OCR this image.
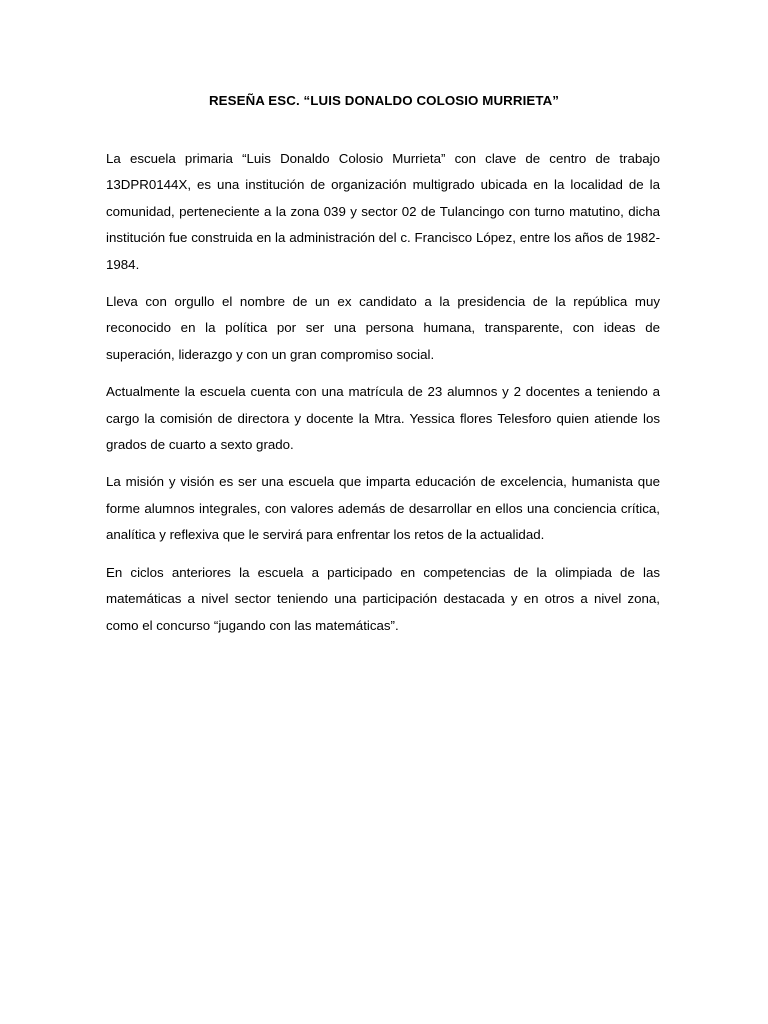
RESEÑA ESC. “LUIS DONALDO COLOSIO MURRIETA”

La escuela primaria “Luis Donaldo Colosio Murrieta” con clave de centro de trabajo 13DPR0144X, es una institución de organización multigrado ubicada en la localidad de la comunidad, perteneciente a la zona 039 y sector 02 de Tulancingo con turno matutino, dicha institución fue construida en la administración del c. Francisco López, entre los años de 1982-1984.

Lleva con orgullo el nombre de un ex candidato a la presidencia de la república muy reconocido en la política por ser una persona humana, transparente, con ideas de superación, liderazgo y con un gran compromiso social.

Actualmente la escuela cuenta con una matrícula de 23 alumnos y 2 docentes a teniendo a cargo la comisión de directora y docente la Mtra. Yessica flores Telesforo quien atiende los grados de cuarto a sexto grado.

La misión y visión es ser una escuela que imparta educación de excelencia, humanista que forme alumnos integrales, con valores además de desarrollar en ellos una conciencia crítica, analítica y reflexiva que le servirá para enfrentar los retos de la actualidad.

En ciclos anteriores la escuela a participado en competencias de la olimpiada de las matemáticas a nivel sector teniendo una participación destacada y en otros a nivel zona, como el concurso “jugando con las matemáticas”.
